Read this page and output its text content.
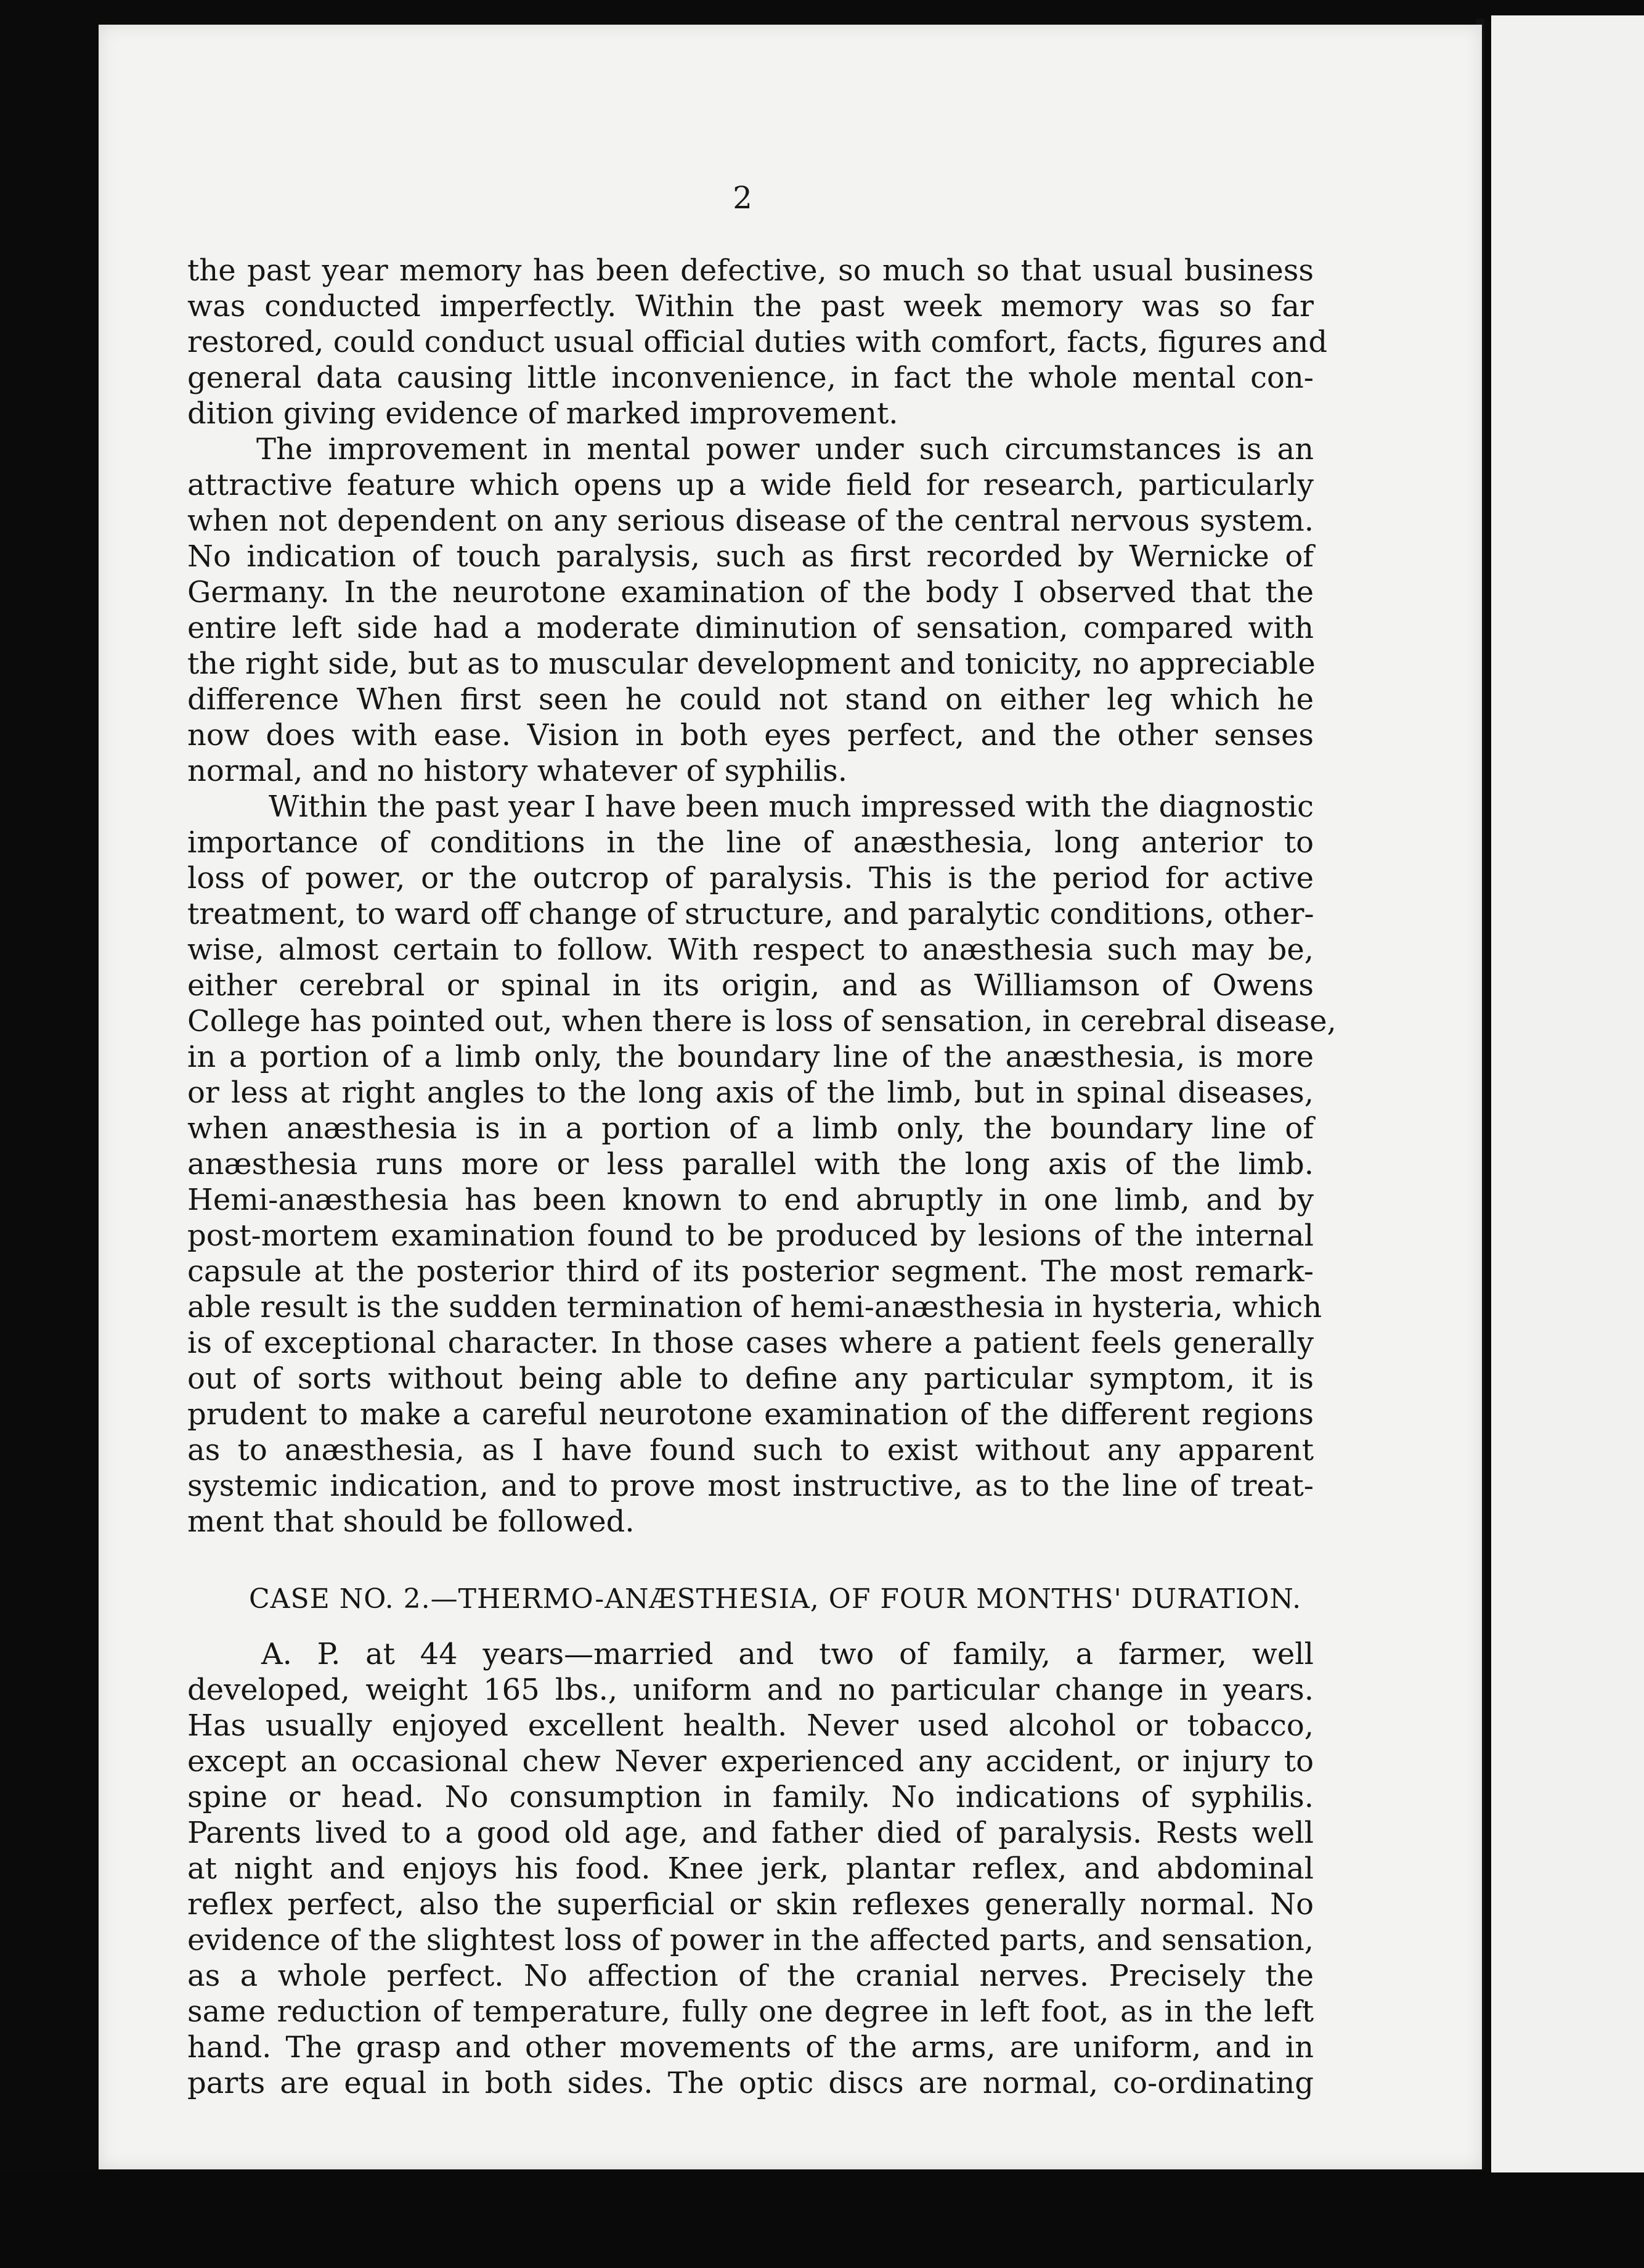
2
the past year memory has been defective, so much so that usual business
was conducted imperfectly. Within the past week memory was so far
restored, could conduct usual official duties with comfort, facts, figures and
general data causing little inconvenience, in fact the whole mental con-
dition giving evidence of marked improvement.
The improvement in mental power under such circumstances is an
attractive feature which opens up a wide field for research, particularly
when not dependent on any serious disease of the central nervous system.
No indication of touch paralysis, such as first recorded by Wernicke of
Germany. In the neurotone examination of the body I observed that the
entire left side had a moderate diminution of sensation, compared with
the right side, but as to muscular development and tonicity, no appreciable
difference When first seen he could not stand on either leg which he
now does with ease. Vision in both eyes perfect, and the other senses
normal, and no history whatever of syphilis.
Within the past year I have been much impressed with the diagnostic
importance of conditions in the line of anæsthesia, long anterior to
loss of power, or the outcrop of paralysis. This is the period for active
treatment, to ward off change of structure, and paralytic conditions, other-
wise, almost certain to follow. With respect to anæsthesia such may be,
either cerebral or spinal in its origin, and as Williamson of Owens
College has pointed out, when there is loss of sensation, in cerebral disease,
in a portion of a limb only, the boundary line of the anæsthesia, is more
or less at right angles to the long axis of the limb, but in spinal diseases,
when anæsthesia is in a portion of a limb only, the boundary line of
anæsthesia runs more or less parallel with the long axis of the limb.
Hemi-anæsthesia has been known to end abruptly in one limb, and by
post-mortem examination found to be produced by lesions of the internal
capsule at the posterior third of its posterior segment. The most remark-
able result is the sudden termination of hemi-anæsthesia in hysteria, which
is of exceptional character. In those cases where a patient feels generally
out of sorts without being able to define any particular symptom, it is
prudent to make a careful neurotone examination of the different regions
as to anæsthesia, as I have found such to exist without any apparent
systemic indication, and to prove most instructive, as to the line of treat-
ment that should be followed.
CASE NO. 2.—THERMO-ANÆSTHESIA, OF FOUR MONTHS' DURATION.
A. P. at 44 years—married and two of family, a farmer, well
developed, weight 165 lbs., uniform and no particular change in years.
Has usually enjoyed excellent health. Never used alcohol or tobacco,
except an occasional chew Never experienced any accident, or injury to
spine or head. No consumption in family. No indications of syphilis.
Parents lived to a good old age, and father died of paralysis. Rests well
at night and enjoys his food. Knee jerk, plantar reflex, and abdominal
reflex perfect, also the superficial or skin reflexes generally normal. No
evidence of the slightest loss of power in the affected parts, and sensation,
as a whole perfect. No affection of the cranial nerves. Precisely the
same reduction of temperature, fully one degree in left foot, as in the left
hand. The grasp and other movements of the arms, are uniform, and in
parts are equal in both sides. The optic discs are normal, co-ordinating
